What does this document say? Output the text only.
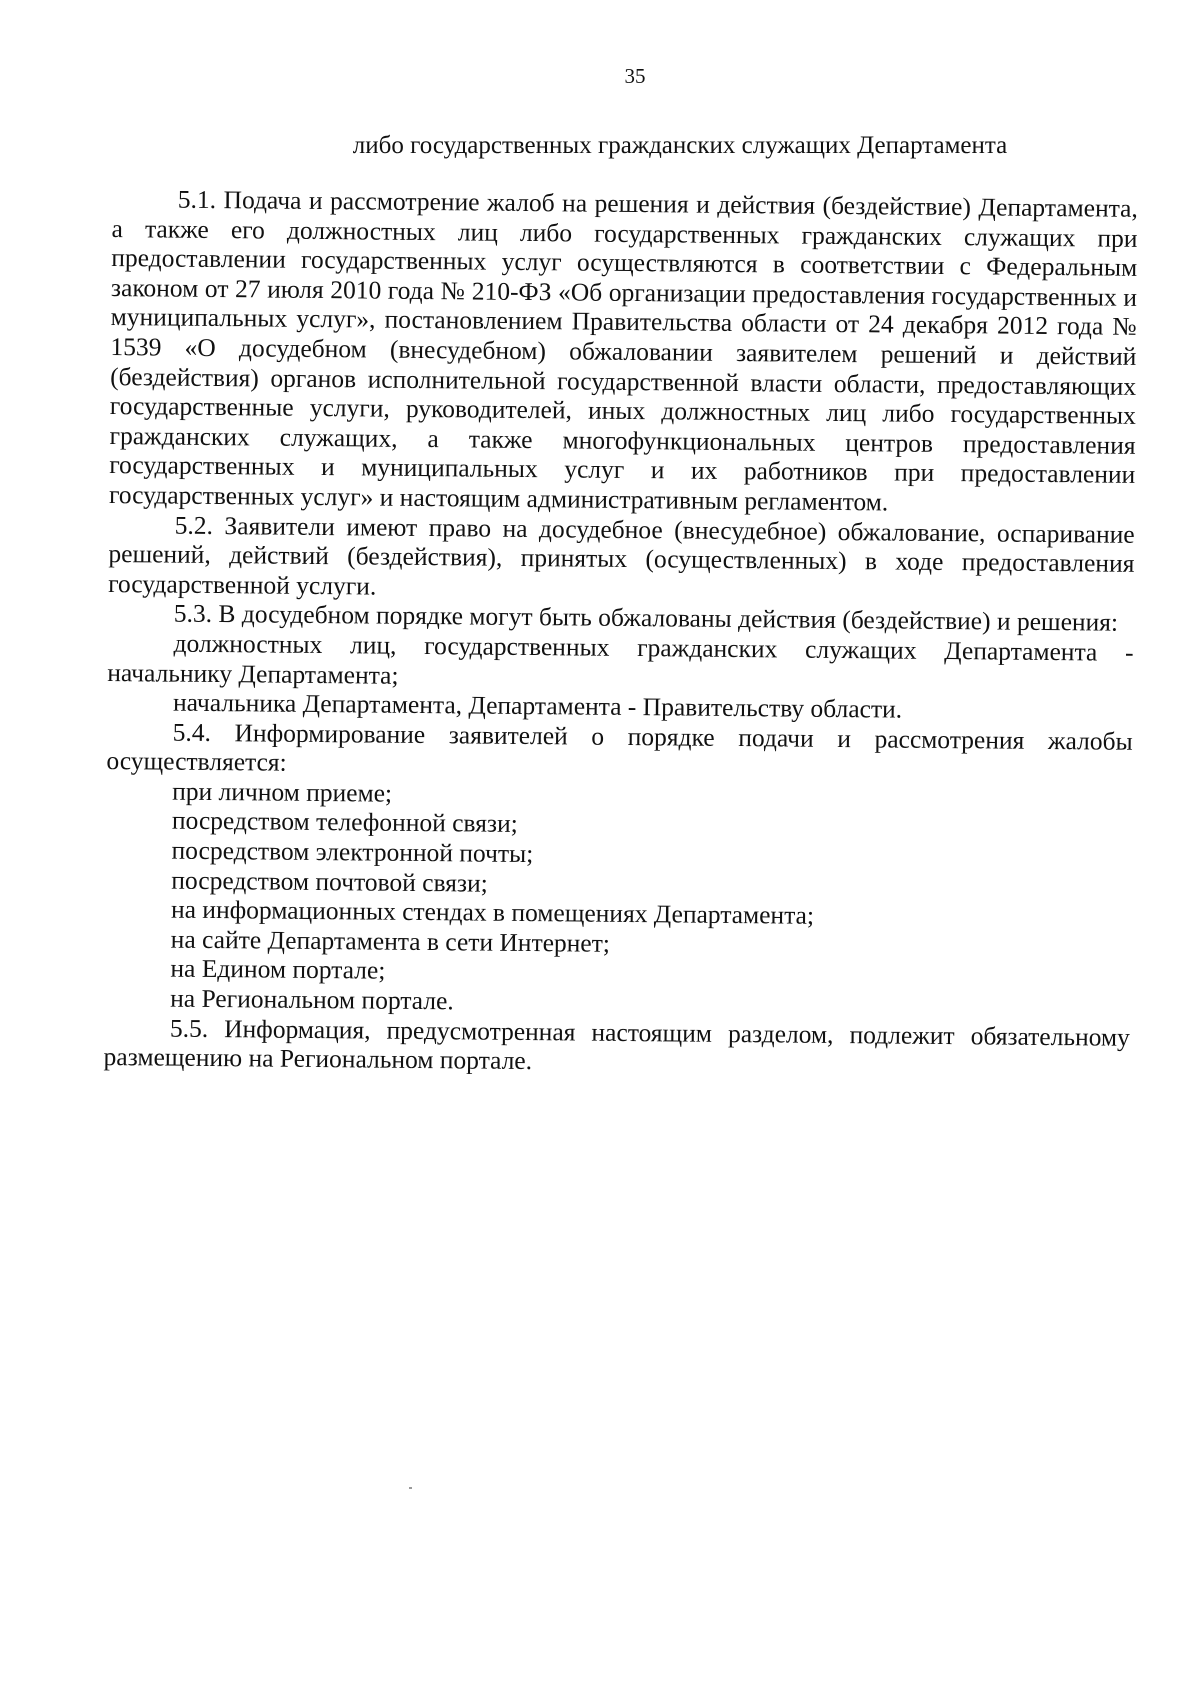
35
либо государственных гражданских служащих Департамента

5.1. Подача и рассмотрение жалоб на решения и действия (бездействие) Департамента, а также его должностных лиц либо государственных гражданских служащих при предоставлении государственных услуг осуществляются в соответствии с Федеральным законом от 27 июля 2010 года № 210-ФЗ «Об организации предоставления государственных и муниципальных услуг», постановлением Правительства области от 24 декабря 2012 года № 1539 «О досудебном (внесудебном) обжаловании заявителем решений и действий (бездействия) органов исполнительной государственной власти области, предоставляющих государственные услуги, руководителей, иных должностных лиц либо государственных гражданских служащих, а также многофункциональных центров предоставления государственных и муниципальных услуг и их работников при предоставлении государственных услуг» и настоящим административным регламентом.

5.2. Заявители имеют право на досудебное (внесудебное) обжалование, оспаривание решений, действий (бездействия), принятых (осуществленных) в ходе предоставления государственной услуги.

5.3. В досудебном порядке могут быть обжалованы действия (бездействие) и решения:

должностных лиц, государственных гражданских служащих Департамента - начальнику Департамента;

начальника Департамента, Департамента - Правительству области.

5.4. Информирование заявителей о порядке подачи и рассмотрения жалобы осуществляется:

при личном приеме;

посредством телефонной связи;

посредством электронной почты;

посредством почтовой связи;

на информационных стендах в помещениях Департамента;

на сайте Департамента в сети Интернет;

на Едином портале;

на Региональном портале.

5.5. Информация, предусмотренная настоящим разделом, подлежит обязательному размещению на Региональном портале.
